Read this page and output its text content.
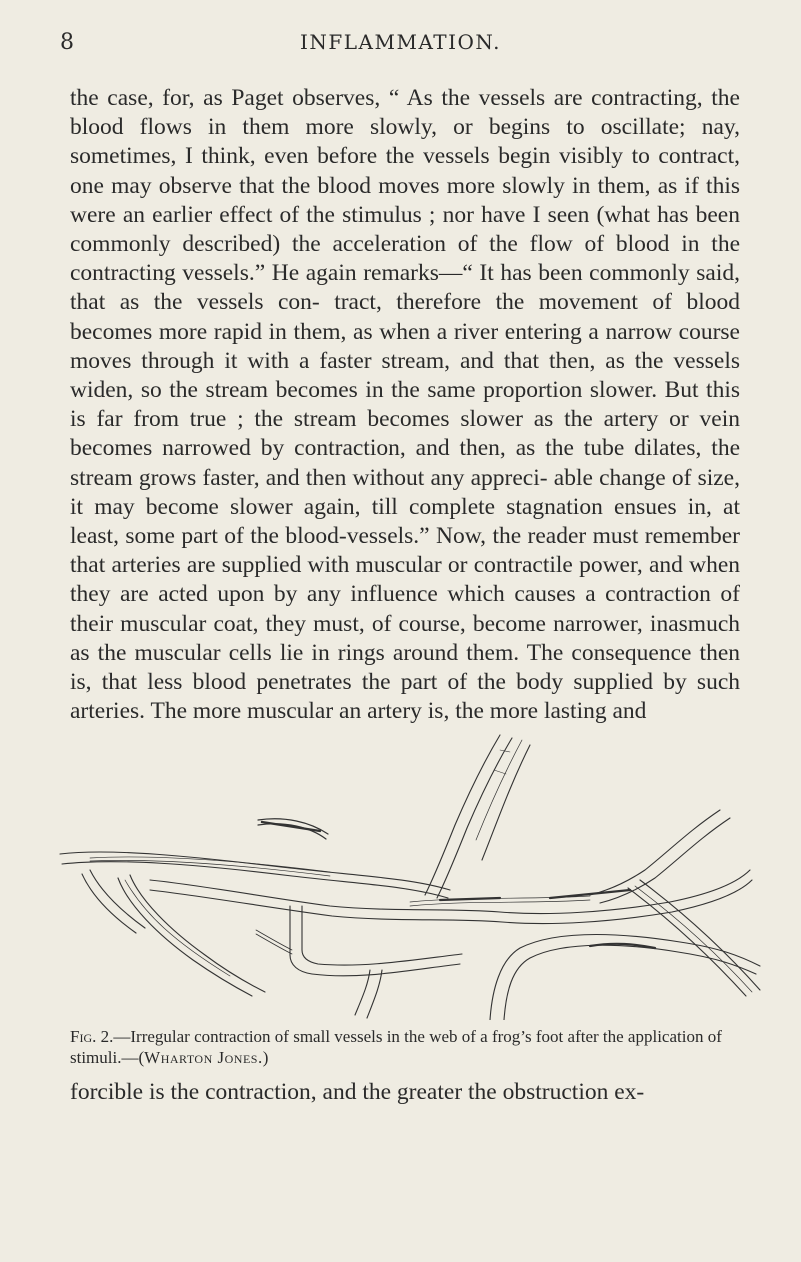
8	INFLAMMATION.

the case, for, as Paget observes, “ As the vessels are contracting, the blood flows in them more slowly, or begins to oscillate; nay, sometimes, I think, even before the vessels begin visibly to contract, one may observe that the blood moves more slowly in them, as if this were an earlier effect of the stimulus ; nor have I seen (what has been commonly described) the acceleration of the flow of blood in the contracting vessels.” He again remarks—“ It has been commonly said, that as the vessels con- tract, therefore the movement of blood becomes more rapid in them, as when a river entering a narrow course moves through it with a faster stream, and that then, as the vessels widen, so the stream becomes in the same proportion slower. But this is far from true ; the stream becomes slower as the artery or vein becomes narrowed by contraction, and then, as the tube dilates, the stream grows faster, and then without any appreci- able change of size, it may become slower again, till complete stagnation ensues in, at least, some part of the blood-vessels.” Now, the reader must remember that arteries are supplied with muscular or contractile power, and when they are acted upon by any influence which causes a contraction of their muscular coat, they must, of course, become narrower, inasmuch as the muscular cells lie in rings around them. The consequence then is, that less blood penetrates the part of the body supplied by such arteries. The more muscular an artery is, the more lasting and

Fig. 2.—Irregular contraction of small vessels in the web of a frog’s foot after the application of stimuli.—(Wharton Jones.)

forcible is the contraction, and the greater the obstruction ex-
